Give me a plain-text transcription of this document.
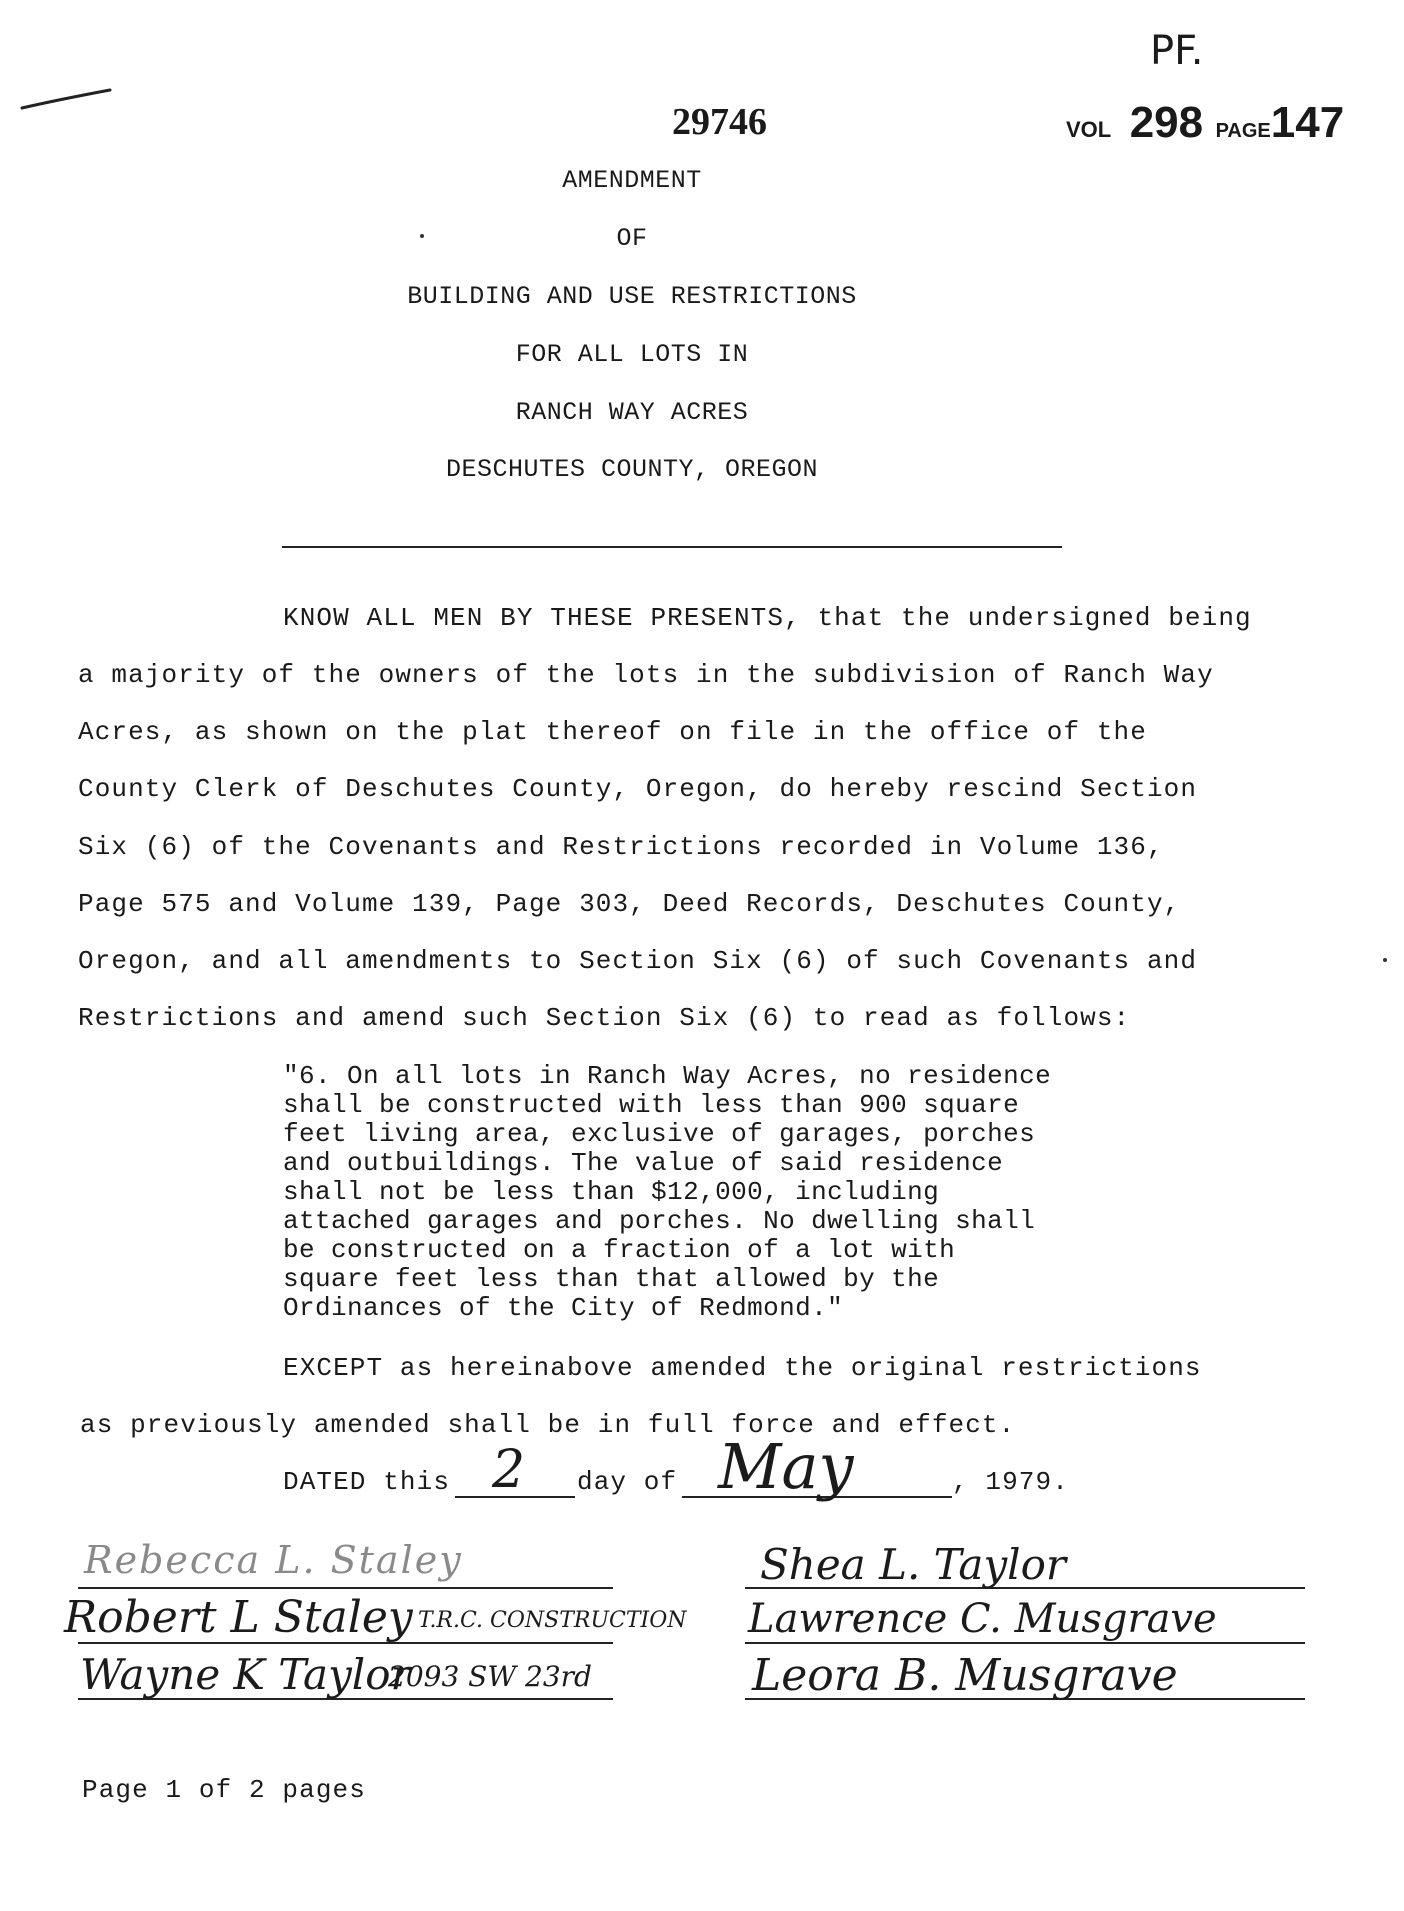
PF.
29746	VOL 298 PAGE147
AMENDMENT
OF
BUILDING AND USE RESTRICTIONS
FOR ALL LOTS IN
RANCH WAY ACRES
DESCHUTES COUNTY, OREGON
KNOW ALL MEN BY THESE PRESENTS, that the undersigned being
a majority of the owners of the lots in the subdivision of Ranch Way
Acres, as shown on the plat thereof on file in the office of the
County Clerk of Deschutes County, Oregon, do hereby rescind Section
Six (6) of the Covenants and Restrictions recorded in Volume 136,
Page 575 and Volume 139, Page 303, Deed Records, Deschutes County,
Oregon, and all amendments to Section Six (6) of such Covenants and
Restrictions and amend such Section Six (6) to read as follows:
"6. On all lots in Ranch Way Acres, no residence
shall be constructed with less than 900 square
feet living area, exclusive of garages, porches
and outbuildings. The value of said residence
shall not be less than $12,000, including
attached garages and porches. No dwelling shall
be constructed on a fraction of a lot with
square feet less than that allowed by the
Ordinances of the City of Redmond."
EXCEPT as hereinabove amended the original restrictions
as previously amended shall be in full force and effect.
DATED this 2 day of May	, 1979.
Rebecca L. Staley
Robert L Staley T.R.C. CONSTRUCTION
Wayne K Taylor
2093 SW 23rd
Shea L. Taylor
Lawrence C. Musgrave
Leora B. Musgrave
Page 1 of 2 pages
